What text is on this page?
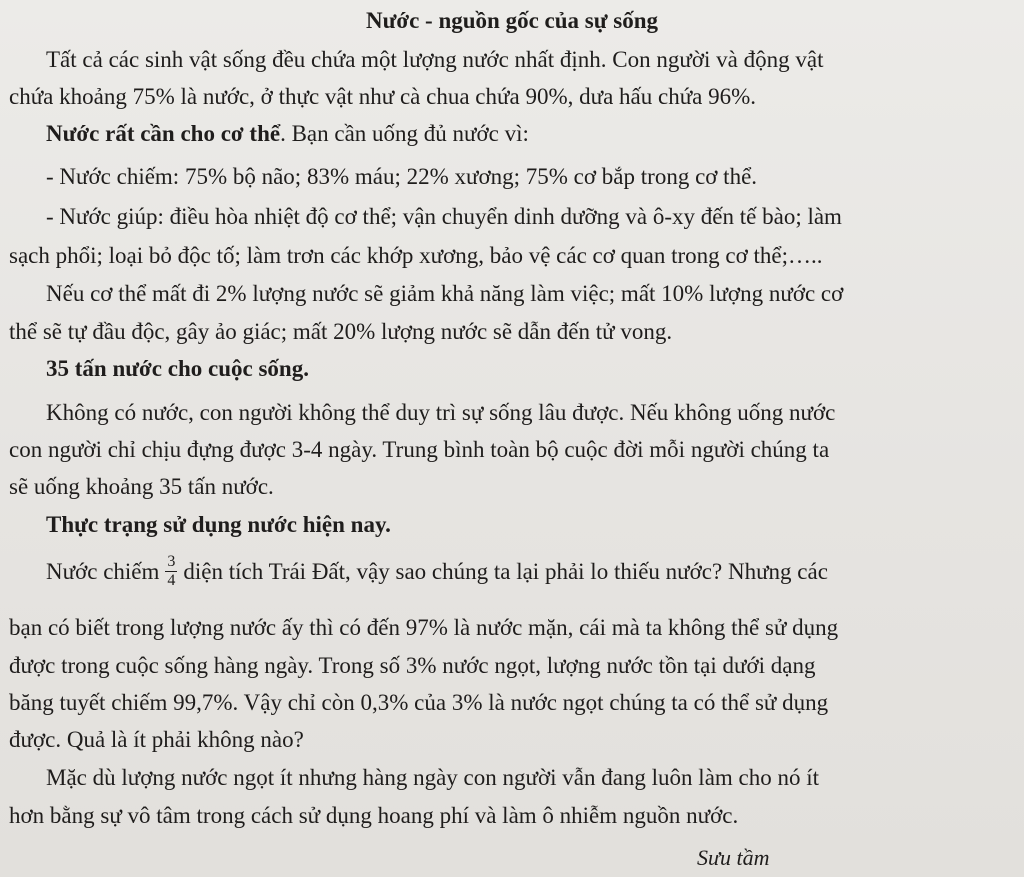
Nước - nguồn gốc của sự sống
Tất cả các sinh vật sống đều chứa một lượng nước nhất định. Con người và động vật
chứa khoảng 75% là nước, ở thực vật như cà chua chứa 90%, dưa hấu chứa 96%.
Nước rất cần cho cơ thể. Bạn cần uống đủ nước vì:
- Nước chiếm: 75% bộ não; 83% máu; 22% xương; 75% cơ bắp trong cơ thể.
- Nước giúp: điều hòa nhiệt độ cơ thể; vận chuyển dinh dưỡng và ô-xy đến tế bào; làm
sạch phổi; loại bỏ độc tố; làm trơn các khớp xương, bảo vệ các cơ quan trong cơ thể;…..
Nếu cơ thể mất đi 2% lượng nước sẽ giảm khả năng làm việc; mất 10% lượng nước cơ
thể sẽ tự đầu độc, gây ảo giác; mất 20% lượng nước sẽ dẫn đến tử vong.
35 tấn nước cho cuộc sống.
Không có nước, con người không thể duy trì sự sống lâu được. Nếu không uống nước
con người chỉ chịu đựng được 3-4 ngày. Trung bình toàn bộ cuộc đời mỗi người chúng ta
sẽ uống khoảng 35 tấn nước.
Thực trạng sử dụng nước hiện nay.
Nước chiếm $\frac{3}{4}$ diện tích Trái Đất, vậy sao chúng ta lại phải lo thiếu nước? Nhưng các
bạn có biết trong lượng nước ấy thì có đến 97% là nước mặn, cái mà ta không thể sử dụng
được trong cuộc sống hàng ngày. Trong số 3% nước ngọt, lượng nước tồn tại dưới dạng
băng tuyết chiếm 99,7%. Vậy chỉ còn 0,3% của 3% là nước ngọt chúng ta có thể sử dụng
được. Quả là ít phải không nào?
Mặc dù lượng nước ngọt ít nhưng hàng ngày con người vẫn đang luôn làm cho nó ít
hơn bằng sự vô tâm trong cách sử dụng hoang phí và làm ô nhiễm nguồn nước.
Sưu tầm
